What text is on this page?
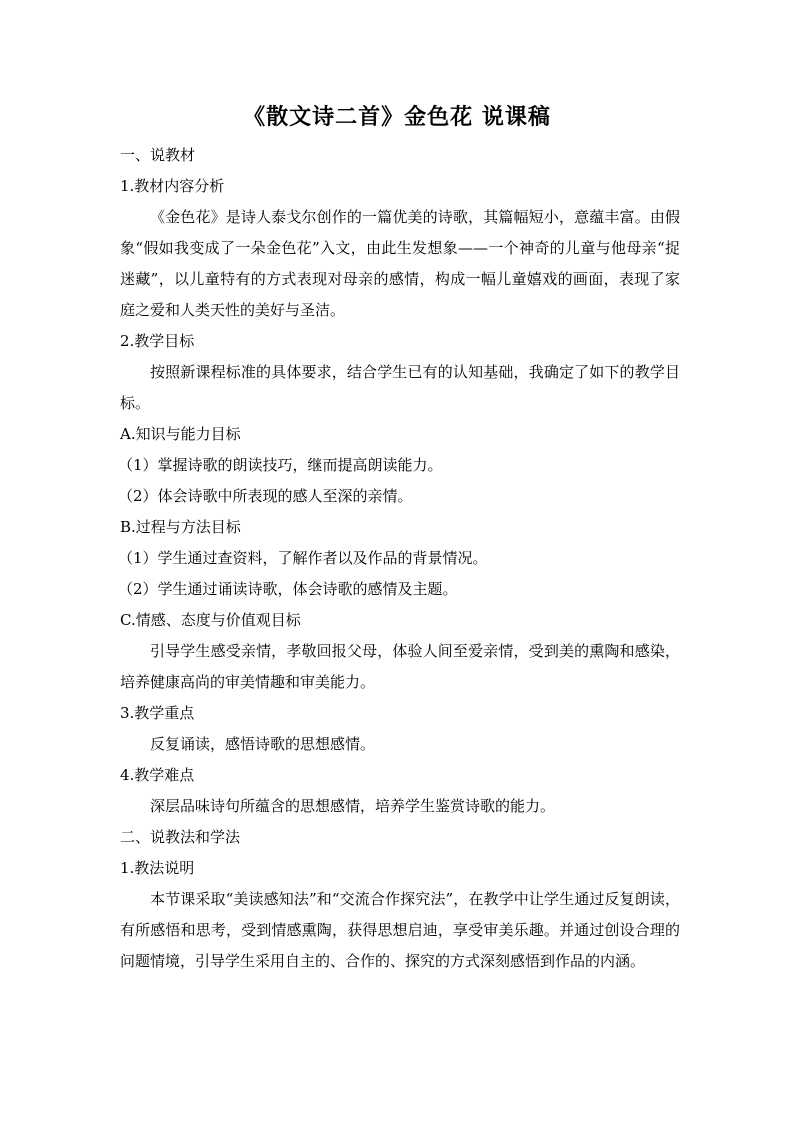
《散文诗二首》金色花 说课稿
一、说教材
1.教材内容分析

《金色花》是诗人泰戈尔创作的一篇优美的诗歌，其篇幅短小，意蕴丰富。由假象“假如我变成了一朵金色花”入文，由此生发想象——一个神奇的儿童与他母亲“捉迷藏”，以儿童特有的方式表现对母亲的感情，构成一幅儿童嬉戏的画面，表现了家庭之爱和人类天性的美好与圣洁。

2.教学目标

按照新课程标准的具体要求，结合学生已有的认知基础，我确定了如下的教学目标。

A.知识与能力目标
（1）掌握诗歌的朗读技巧，继而提高朗读能力。
（2）体会诗歌中所表现的感人至深的亲情。
B.过程与方法目标
（1）学生通过查资料，了解作者以及作品的背景情况。
（2）学生通过诵读诗歌，体会诗歌的感情及主题。
C.情感、态度与价值观目标

引导学生感受亲情，孝敬回报父母，体验人间至爱亲情，受到美的熏陶和感染，培养健康高尚的审美情趣和审美能力。

3.教学重点

反复诵读，感悟诗歌的思想感情。

4.教学难点

深层品味诗句所蕴含的思想感情，培养学生鉴赏诗歌的能力。

二、说教法和学法
1.教法说明

本节课采取“美读感知法”和“交流合作探究法”，在教学中让学生通过反复朗读，有所感悟和思考，受到情感熏陶，获得思想启迪，享受审美乐趣。并通过创设合理的问题情境，引导学生采用自主的、合作的、探究的方式深刻感悟到作品的内涵。
